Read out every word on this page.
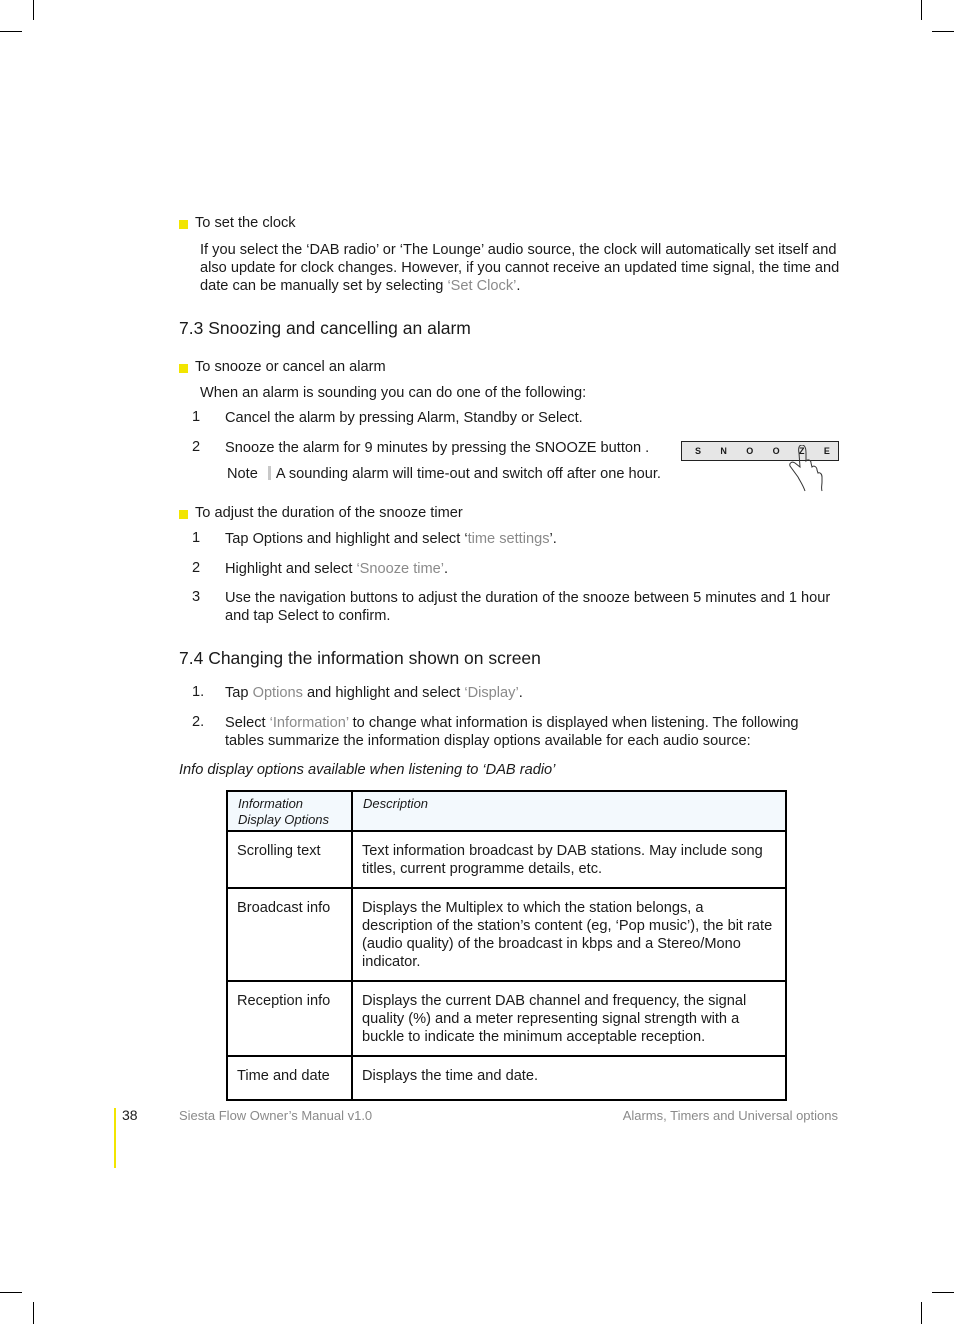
To set the clock
If you select the ‘DAB radio’ or ‘The Lounge’ audio source, the clock will automatically set itself and also update for clock changes. However, if you cannot receive an updated time signal, the time and date can be manually set by selecting ‘Set Clock’.
7.3 Snoozing and cancelling an alarm
To snooze or cancel an alarm
When an alarm is sounding you can do one of the following:
1 Cancel the alarm by pressing Alarm, Standby or Select.
2 Snooze the alarm for 9 minutes by pressing the SNOOZE button .
Note A sounding alarm will time-out and switch off after one hour.
S N O O Z E
To adjust the duration of the snooze timer
1 Tap Options and highlight and select ‘time settings’.
2 Highlight and select ‘Snooze time’.
3 Use the navigation buttons to adjust the duration of the snooze between 5 minutes and 1 hour and tap Select to confirm.
7.4 Changing the information shown on screen
1. Tap Options and highlight and select ‘Display’.
2. Select ‘Information’ to change what information is displayed when listening. The following tables summarize the information display options available for each audio source:
Info display options available when listening to ‘DAB radio’
Information Display Options	Description
Scrolling text	Text information broadcast by DAB stations. May include song titles, current programme details, etc.
Broadcast info	Displays the Multiplex to which the station belongs, a description of the station’s content (eg, ‘Pop music’), the bit rate (audio quality) of the broadcast in kbps and a Stereo/Mono indicator.
Reception info	Displays the current DAB channel and frequency, the signal quality (%) and a meter representing signal strength with a buckle to indicate the minimum acceptable reception.
Time and date	Displays the time and date.
38	Siesta Flow Owner’s Manual v1.0	Alarms, Timers and Universal options
